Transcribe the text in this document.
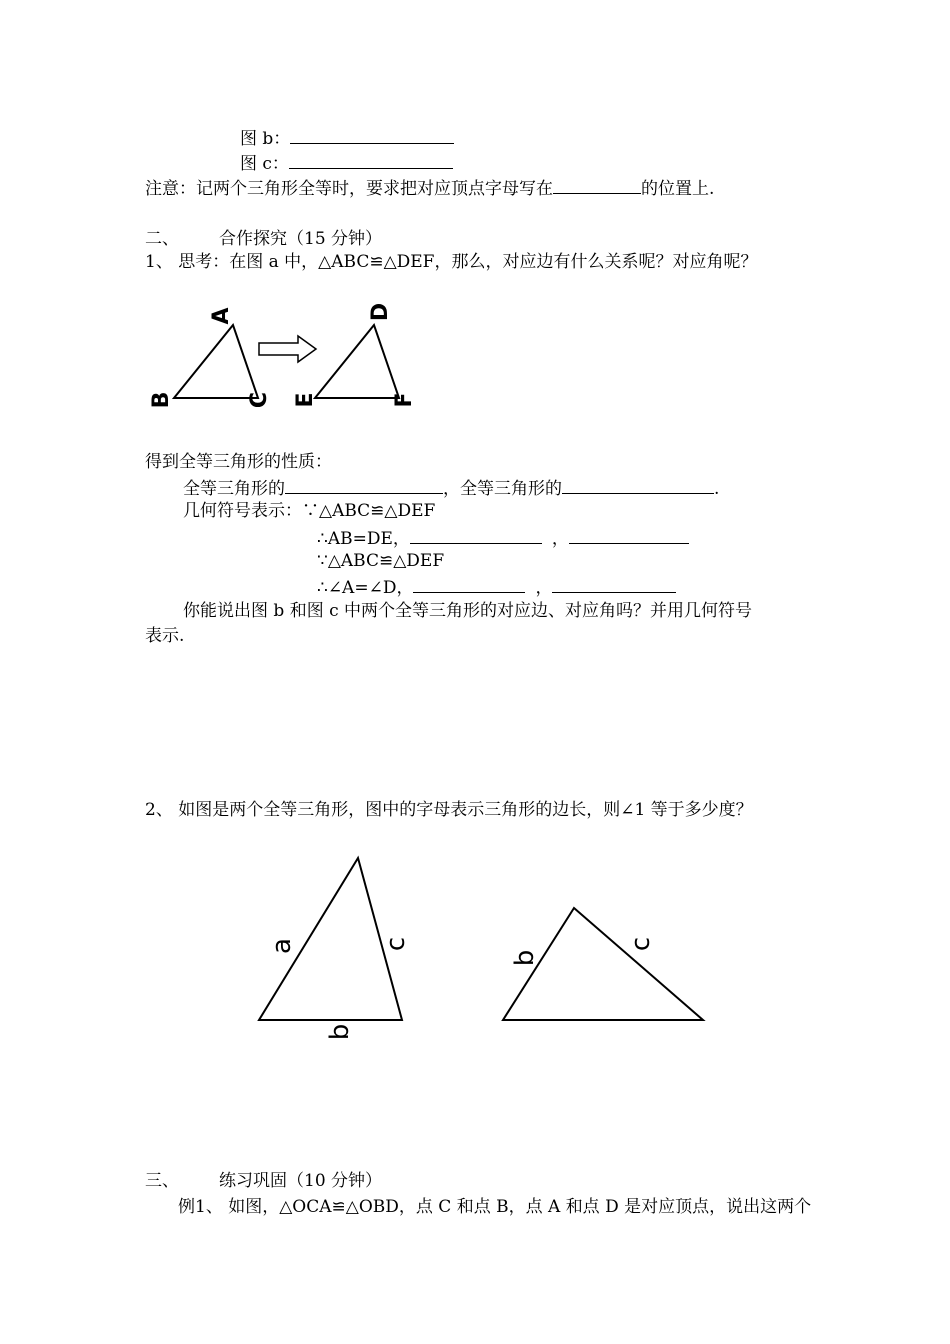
图 b：
图 c：
注意：记两个三角形全等时，要求把对应顶点字母写在	的位置上.
二、 合作探究（15 分钟）
1、 思考：在图 a 中，△ABC≌△DEF，那么，对应边有什么关系呢？对应角呢？
A
B	C
D
E	F
得到全等三角形的性质：
全等三角形的	，全等三角形的	.
几何符号表示：∵△ABC≌△DEF
∴AB=DE，	，
∵△ABC≌△DEF
∴∠A=∠D，	，
你能说出图 b 和图 c 中两个全等三角形的对应边、对应角吗？并用几何符号
表示.
2、 如图是两个全等三角形，图中的字母表示三角形的边长，则∠1 等于多少度？
a	c
b
b
c
三、 练习巩固（10 分钟）
例1、 如图，△OCA≌△OBD，点 C 和点 B，点 A 和点 D 是对应顶点，说出这两个
